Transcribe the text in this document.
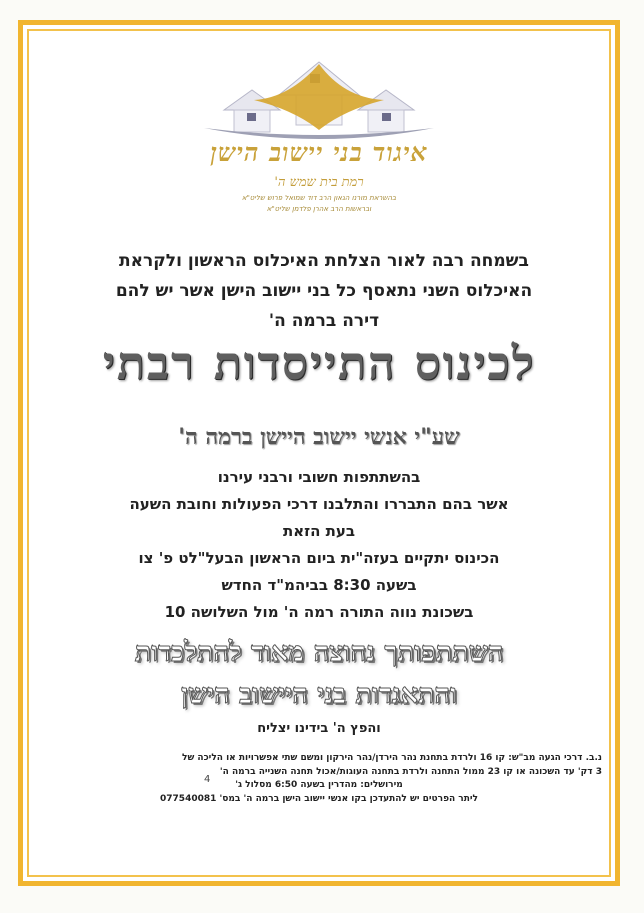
איגוד בני יישוב הישן
רמת בית שמש ה'
בהשראת מורנו הגאון הרב דוד שמואל פרוש שליט"א
ובראשות הרב אהרן פלדמן שליט"א
בשמחה רבה לאור הצלחת האיכלוס הראשון ולקראת
האיכלוס השני נתאסף כל בני יישוב הישן אשר יש להם
דירה ברמה ה'
לכינוס התייסדות רבתי
שע"י אנשי יישוב היישן ברמה ה'
בהשתתפות חשובי ורבני עירנו
אשר בהם התבררו והתלבנו דרכי הפעולות וחובת השעה
בעת הזאת
הכינוס יתקיים בעזה"ית ביום הראשון הבעל"לט פ' צו
בשעה 8:30 בביהמ"ד החדש
בשכונת נווה התורה רמה ה' מול השלושה 10
השתתפותך נחוצה מאוד להתלכדות
והתאגדות בני היישוב הישן
והפץ ה' בידינו יצליח
נ.ב. דרכי הגעה מב"ש: קו 16 ולרדת בתחנת נהר הירדן/נהר הירקון ומשם שתי אפשרויות או הליכה של
3 דק' עד השכונה או קו 23 ממול התחנה ולרדת בתחנה העוגות/אכול תחנה השנייה ברמה ה'
מירושלים: מהדרין בשעה 6:50 מסלול ג'
ליתר הפרטים יש להתעדכן בקו אנשי יישוב הישן ברמה ה' במס' 077540081
4
